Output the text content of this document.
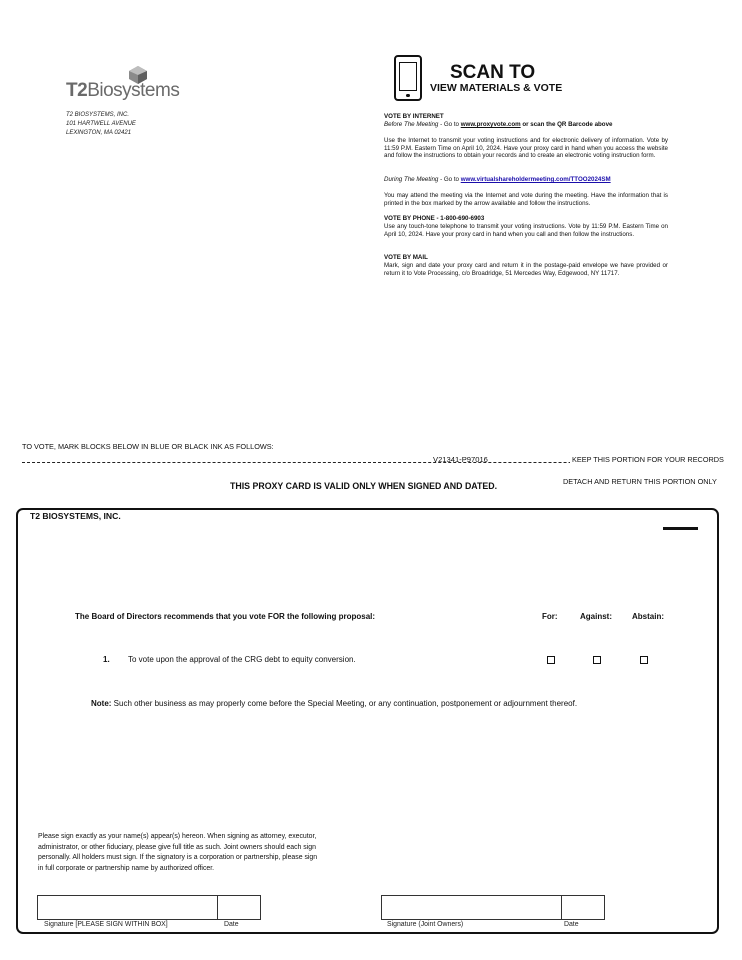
T2Biosystems
T2 BIOSYSTEMS, INC.
101 HARTWELL AVENUE
LEXINGTON, MA 02421
SCAN TO
VIEW MATERIALS & VOTE
VOTE BY INTERNET
Before The Meeting - Go to www.proxyvote.com or scan the QR Barcode above
Use the Internet to transmit your voting instructions and for electronic delivery of information. Vote by 11:59 P.M. Eastern Time on April 10, 2024. Have your proxy card in hand when you access the website and follow the instructions to obtain your records and to create an electronic voting instruction form.
During The Meeting - Go to www.virtualshareholdermeeting.com/TTOO2024SM
You may attend the meeting via the Internet and vote during the meeting. Have the information that is printed in the box marked by the arrow available and follow the instructions.
VOTE BY PHONE - 1-800-690-6903
Use any touch-tone telephone to transmit your voting instructions. Vote by 11:59 P.M. Eastern Time on April 10, 2024. Have your proxy card in hand when you call and then follow the instructions.
VOTE BY MAIL
Mark, sign and date your proxy card and return it in the postage-paid envelope we have provided or return it to Vote Processing, c/o Broadridge, 51 Mercedes Way, Edgewood, NY 11717.
TO VOTE, MARK BLOCKS BELOW IN BLUE OR BLACK INK AS FOLLOWS:
V21341-P97016	KEEP THIS PORTION FOR YOUR RECORDS
THIS PROXY CARD IS VALID ONLY WHEN SIGNED AND DATED.	DETACH AND RETURN THIS PORTION ONLY
T2 BIOSYSTEMS, INC.
The Board of Directors recommends that you vote FOR the following proposal:	For:	Against:	Abstain:
1. To vote upon the approval of the CRG debt to equity conversion.
Note: Such other business as may properly come before the Special Meeting, or any continuation, postponement or adjournment thereof.
Please sign exactly as your name(s) appear(s) hereon. When signing as attorney, executor, administrator, or other fiduciary, please give full title as such. Joint owners should each sign personally. All holders must sign. If the signatory is a corporation or partnership, please sign in full corporate or partnership name by authorized officer.
Signature [PLEASE SIGN WITHIN BOX]	Date	Signature (Joint Owners)	Date
